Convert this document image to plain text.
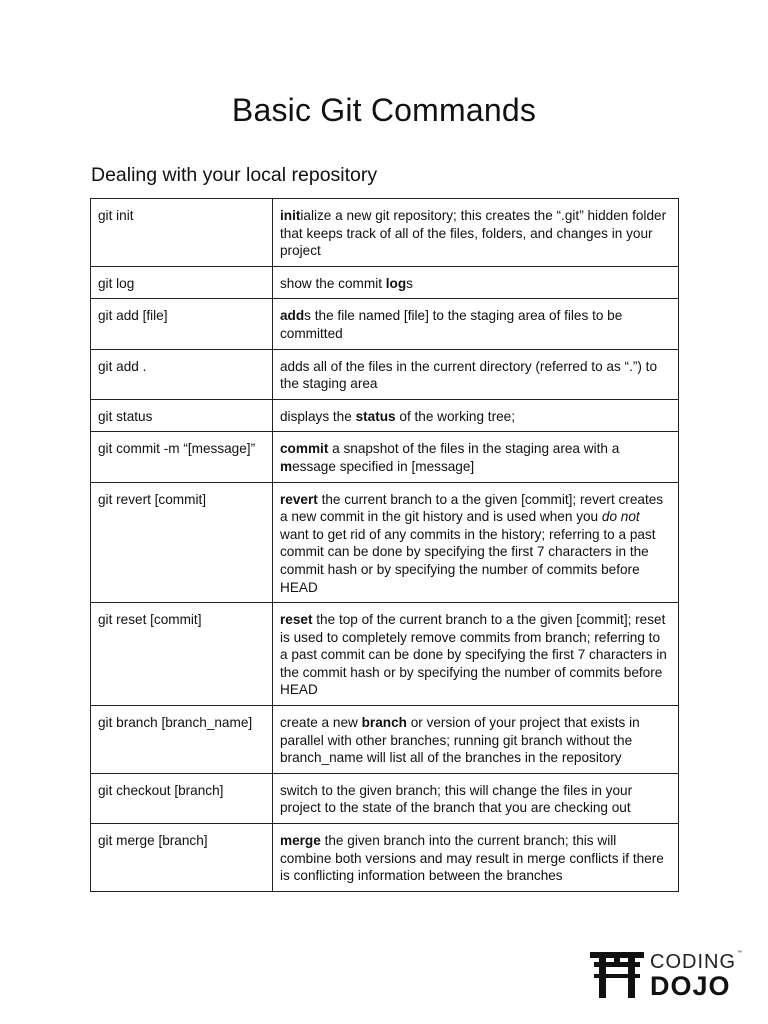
Basic Git Commands
Dealing with your local repository
git init	initialize a new git repository; this creates the “.git” hidden folder that keeps track of all of the files, folders, and changes in your project
git log	show the commit logs
git add [file]	adds the file named [file] to the staging area of files to be committed
git add .	adds all of the files in the current directory (referred to as “.”) to the staging area
git status	displays the status of the working tree;
git commit -m “[message]”	commit a snapshot of the files in the staging area with a message specified in [message]
git revert [commit]	revert the current branch to a the given [commit]; revert creates a new commit in the git history and is used when you do not want to get rid of any commits in the history; referring to a past commit can be done by specifying the first 7 characters in the commit hash or by specifying the number of commits before HEAD
git reset [commit]	reset the top of the current branch to a the given [commit]; reset is used to completely remove commits from branch; referring to a past commit can be done by specifying the first 7 characters in the commit hash or by specifying the number of commits before HEAD
git branch [branch_name]	create a new branch or version of your project that exists in parallel with other branches; running git branch without the branch_name will list all of the branches in the repository
git checkout [branch]	switch to the given branch; this will change the files in your project to the state of the branch that you are checking out
git merge [branch]	merge the given branch into the current branch; this will combine both versions and may result in merge conflicts if there is conflicting information between the branches
CODING ™
DOJO
